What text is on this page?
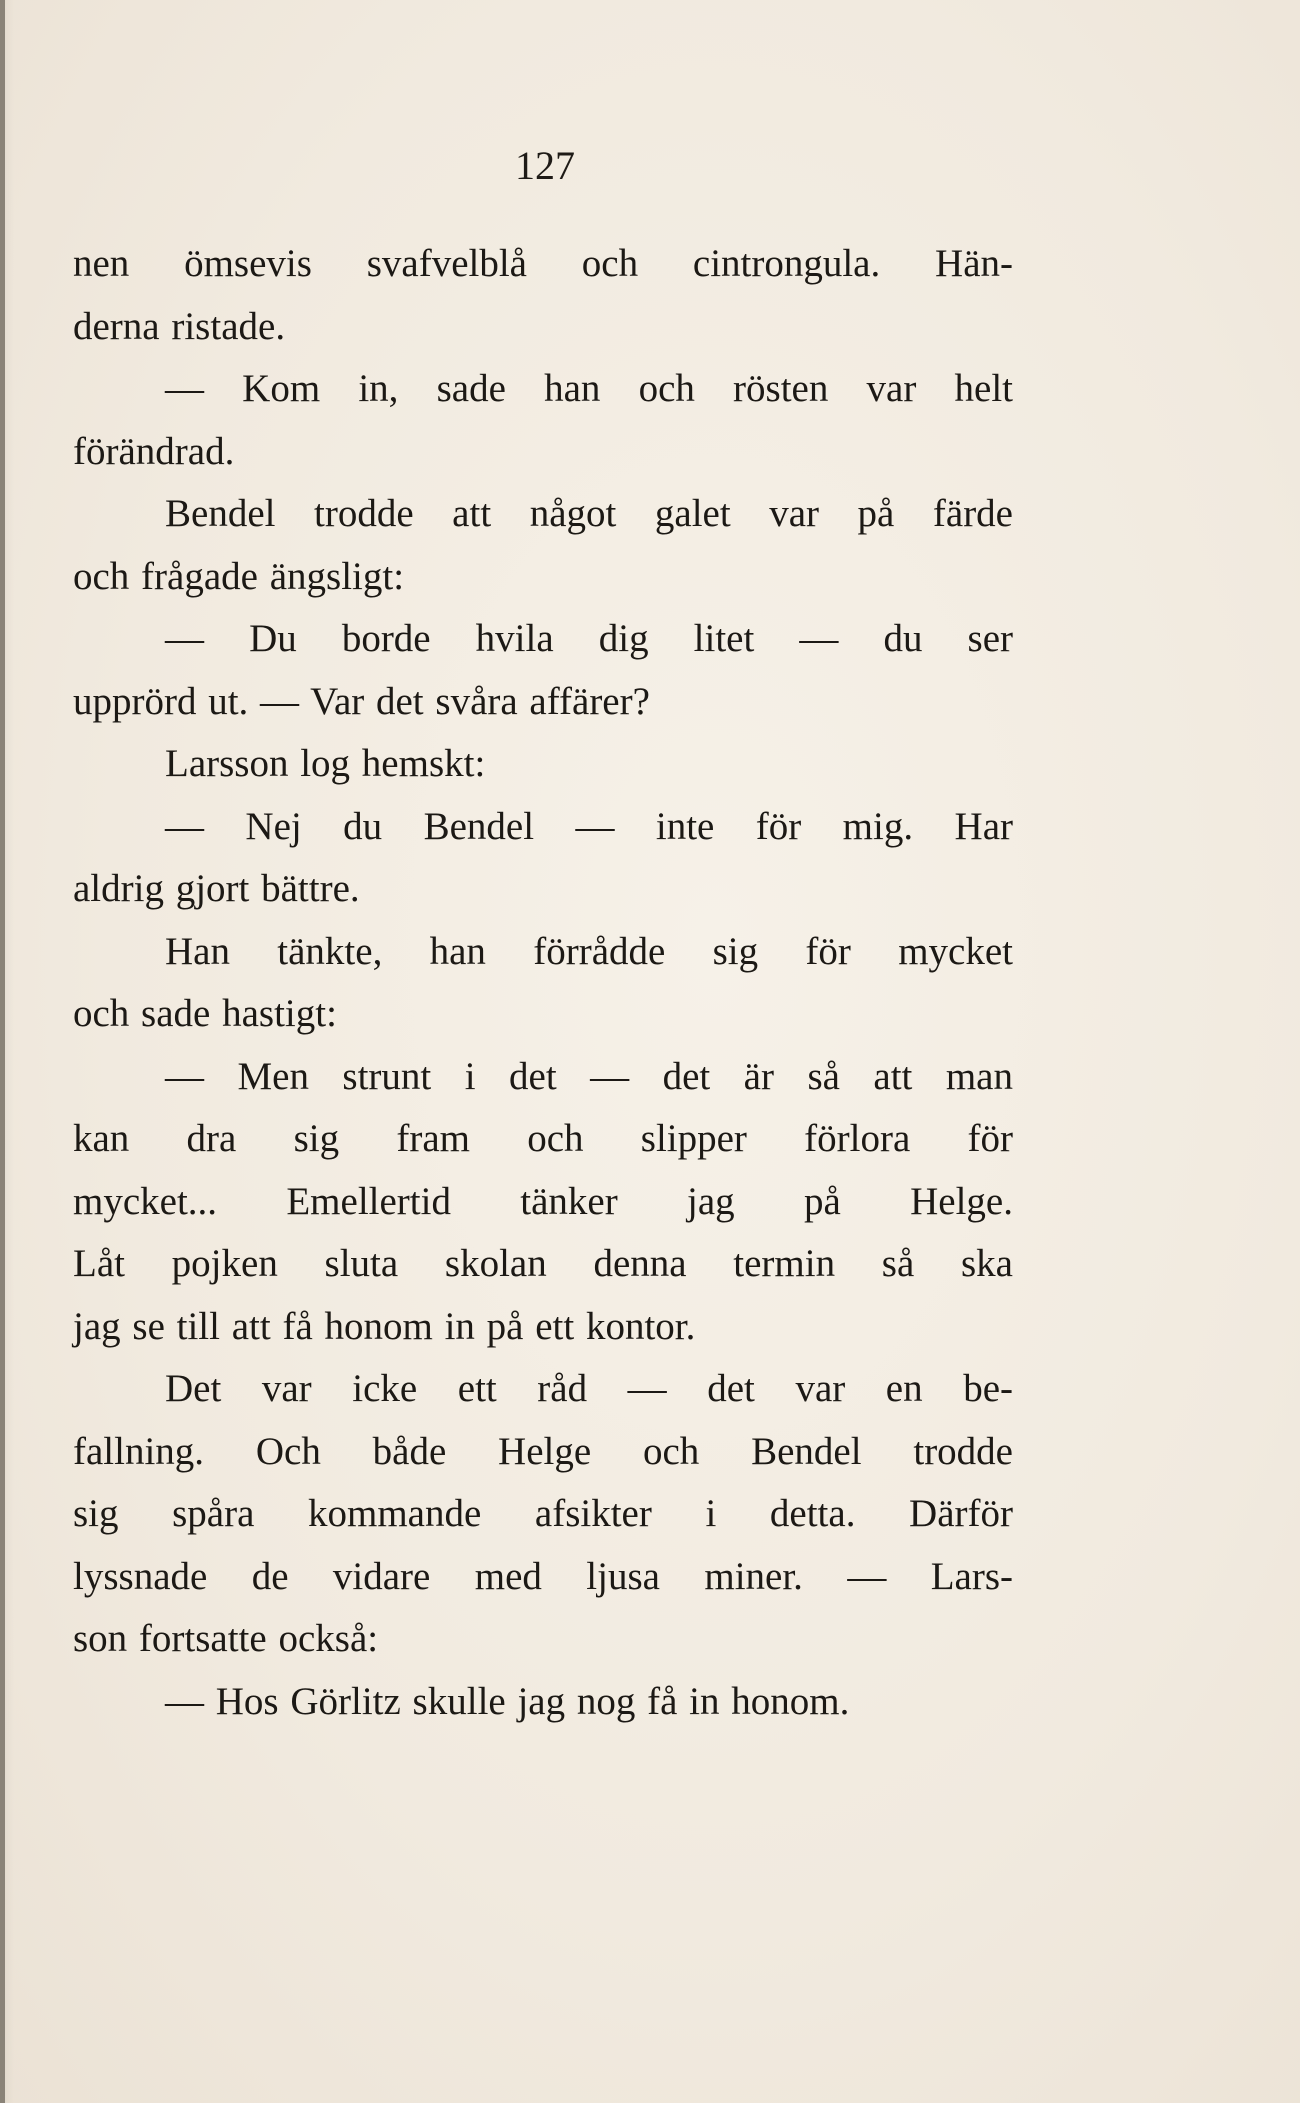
127
nen ömsevis svafvelblå och cintrongula. Hän-
derna ristade.
— Kom in, sade han och rösten var helt
förändrad.
Bendel trodde att något galet var på färde
och frågade ängsligt:
— Du borde hvila dig litet — du ser
upprörd ut. — Var det svåra affärer?
Larsson log hemskt:
— Nej du Bendel — inte för mig. Har
aldrig gjort bättre.
Han tänkte, han förrådde sig för mycket
och sade hastigt:
— Men strunt i det — det är så att man
kan dra sig fram och slipper förlora för
mycket... Emellertid tänker jag på Helge.
Låt pojken sluta skolan denna termin så ska
jag se till att få honom in på ett kontor.
Det var icke ett råd — det var en be-
fallning. Och både Helge och Bendel trodde
sig spåra kommande afsikter i detta. Därför
lyssnade de vidare med ljusa miner. — Lars-
son fortsatte också:
— Hos Görlitz skulle jag nog få in honom.
